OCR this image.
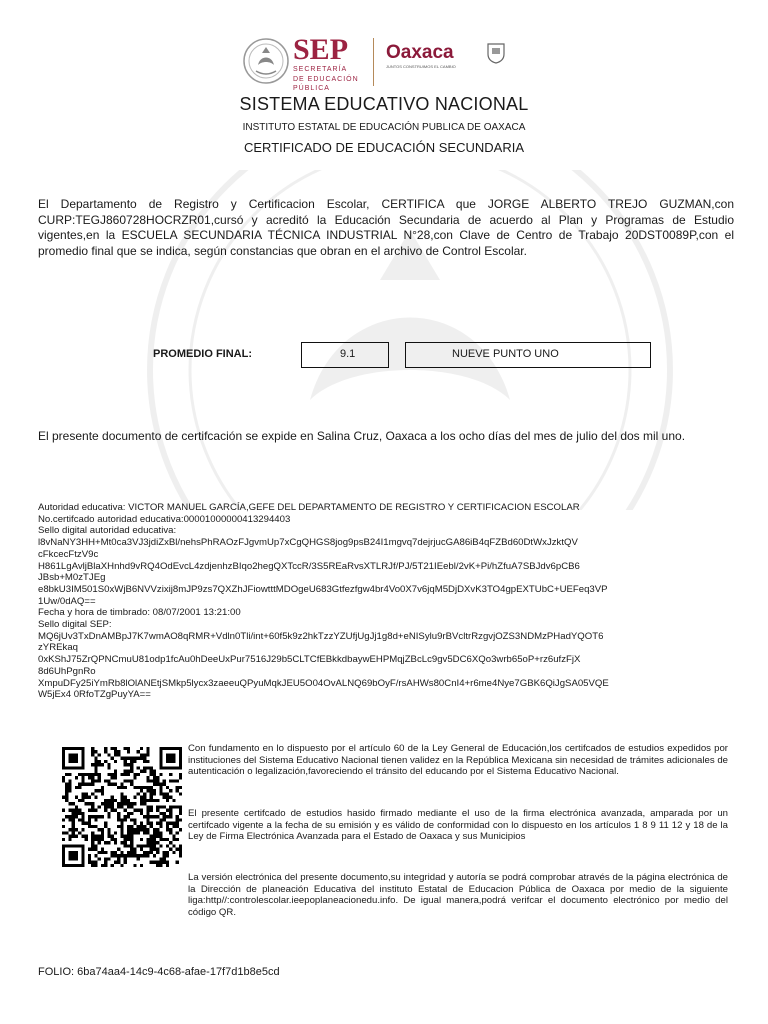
SEP
SECRETARÍA
DE EDUCACIÓN
PÚBLICA
Oaxaca
JUNTOS CONSTRUIMOS EL CAMBIO
SISTEMA EDUCATIVO NACIONAL
INSTITUTO ESTATAL DE EDUCACIÓN PUBLICA DE OAXACA
CERTIFICADO DE EDUCACIÓN SECUNDARIA
El Departamento de Registro y Certificacion Escolar, CERTIFICA que JORGE ALBERTO TREJO GUZMAN,con CURP:TEGJ860728HOCRZR01,cursó y acreditó la Educación Secundaria de acuerdo al Plan y Programas de Estudio vigentes,en la ESCUELA SECUNDARIA TÉCNICA INDUSTRIAL N°28,con Clave de Centro de Trabajo 20DST0089P,con el promedio final que se indica, según constancias que obran en el archivo de Control Escolar.
PROMEDIO FINAL:	9.1	NUEVE PUNTO UNO
El presente documento de certifcación se expide en Salina Cruz, Oaxaca a los ocho días del mes de julio del dos mil uno.
Autoridad educativa: VICTOR MANUEL GARCÍA,GEFE DEL DEPARTAMENTO DE REGISTRO Y CERTIFICACION ESCOLAR
No.certifcado autoridad educativa:00001000000413294403
Sello digital autoridad educativa:
l8vNaNY3HH+Mt0ca3VJ3jdiZxBl/nehsPhRAOzFJgvmUp7xCgQHGS8jog9psB24I1mgvq7dejrjucGA86iB4qFZBd60DtWxJzktQV
cFkcecFtzV9c
H861LgAvljBlaXHnhd9vRQ4OdEvcL4zdjenhzBIqo2hegQXTccR/3S5REaRvsXTLRJf/PJ/5T21IEebl/2vK+Pi/hZfuA7SBJdv6pCB6
JBsb+M0zTJEg
e8bkU3IM501S0xWjB6NVVzixij8mJP9zs7QXZhJFiowtttMDOgeU683Gtfezfgw4br4Vo0X7v6jqM5DjDXvK3TO4gpEXTUbC+UEFeq3VP
1Uw/0dAQ==
Fecha y hora de timbrado: 08/07/2001 13:21:00
Sello digital SEP:
MQ6jUv3TxDnAMBpJ7K7wmAO8qRMR+Vdln0Tli/int+60f5k9z2hkTzzYZUfjUgJj1g8d+eNISylu9rBVcltrRzgvjOZS3NDMzPHadYQOT6
zYREkaq
0xKShJ75ZrQPNCmuU81odp1fcAu0hDeeUxPur7516J29b5CLTCfEBkkdbaywEHPMqjZBcLc9gv5DC6XQo3wrb65oP+rz6ufzFjX
8d6UhPgnRo
XmpuDFy25iYmRb8lOlANEtjSMkp5lycx3zaeeuQPyuMqkJEU5O04OvALNQ69bOyF/rsAHWs80CnI4+r6me4Nye7GBK6QiJgSA05VQE
W5jEx4 0RfoTZgPuyYA==
Con fundamento en lo dispuesto por el artículo 60 de la Ley General de Educación,los certifcados de estudios expedidos por instituciones del Sistema Educativo Nacional tienen validez en la República Mexicana sin necesidad de trámites adicionales de autenticación o legalización,favoreciendo el tránsito del educando por el Sistema Educativo Nacional.
El presente certifcado de estudios hasido firmado mediante el uso de la firma electrónica avanzada, amparada por un certifcado vigente a la fecha de su emisión y es válido de conformidad con lo dispuesto en los artículos 1 8 9 11 12 y 18 de la Ley de Firma Electrónica Avanzada para el Estado de Oaxaca y sus Municipios
La versión electrónica del presente documento,su integridad y autoría se podrá comprobar através de la página electrónica de la Dirección de planeación Educativa del instituto Estatal de Educacion Pública de Oaxaca por medio de la siguiente liga:http//:controlescolar.ieepoplaneacionedu.info. De igual manera,podrá verifcar el documento electrónico por medio del código QR.
FOLIO: 6ba74aa4-14c9-4c68-afae-17f7d1b8e5cd
